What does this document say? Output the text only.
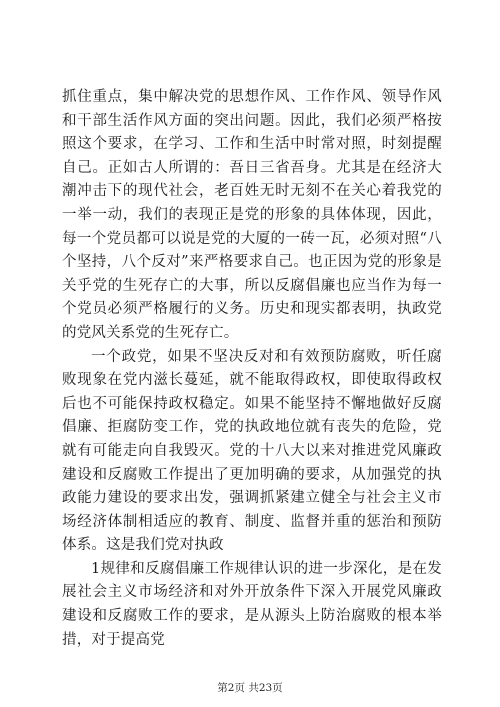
抓住重点，集中解决党的思想作风、工作作风、领导作风和干部生活作风方面的突出问题。因此，我们必须严格按照这个要求，在学习、工作和生活中时常对照，时刻提醒自己。正如古人所谓的：吾日三省吾身。尤其是在经济大潮冲击下的现代社会，老百姓无时无刻不在关心着我党的一举一动，我们的表现正是党的形象的具体体现，因此，每一个党员都可以说是党的大厦的一砖一瓦，必须对照“八个坚持，八个反对”来严格要求自己。也正因为党的形象是关乎党的生死存亡的大事，所以反腐倡廉也应当作为每一个党员必须严格履行的义务。历史和现实都表明，执政党的党风关系党的生死存亡。

一个政党，如果不坚决反对和有效预防腐败，听任腐败现象在党内滋长蔓延，就不能取得政权，即使取得政权后也不可能保持政权稳定。如果不能坚持不懈地做好反腐倡廉、拒腐防变工作，党的执政地位就有丧失的危险，党就有可能走向自我毁灭。党的十八大以来对推进党风廉政建设和反腐败工作提出了更加明确的要求，从加强党的执政能力建设的要求出发，强调抓紧建立健全与社会主义市场经济体制相适应的教育、制度、监督并重的惩治和预防体系。这是我们党对执政

1规律和反腐倡廉工作规律认识的进一步深化，是在发展社会主义市场经济和对外开放条件下深入开展党风廉政建设和反腐败工作的要求，是从源头上防治腐败的根本举措，对于提高党

第2页 共23页
